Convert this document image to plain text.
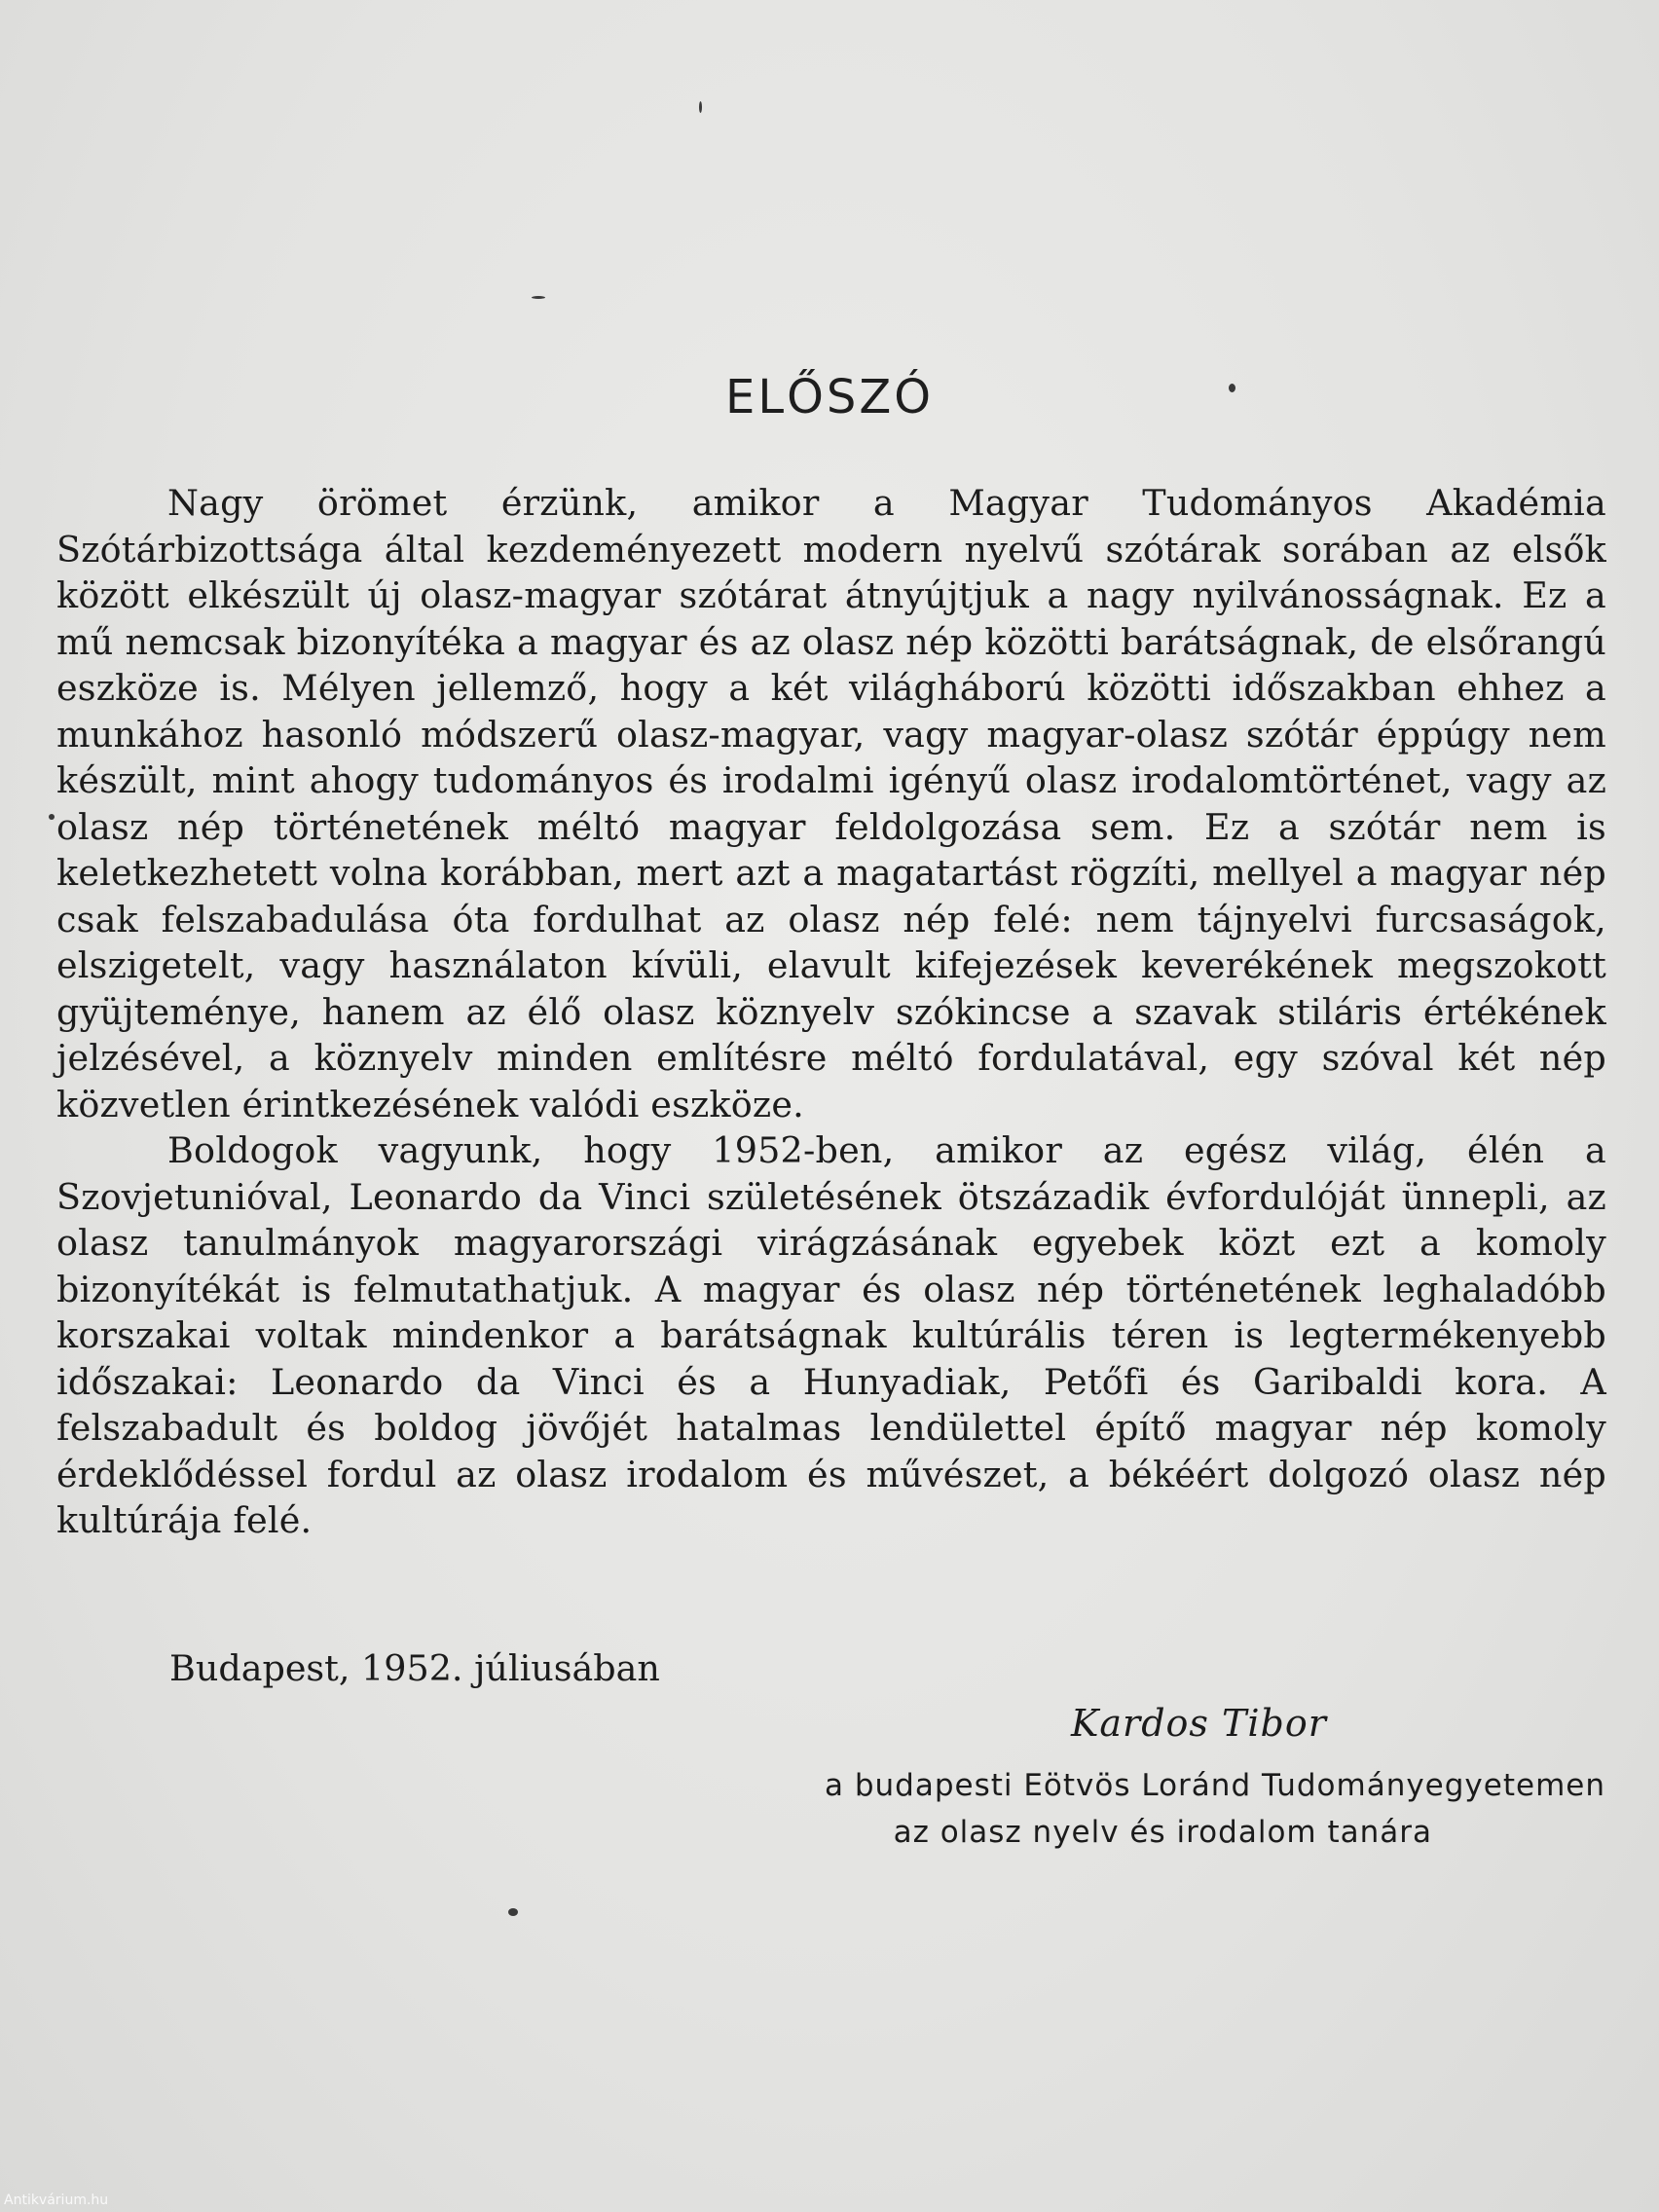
ELŐSZÓ

Nagy örömet érzünk, amikor a Magyar Tudományos Akadémia Szótárbizottsága által kezdeményezett modern nyelvű szótárak sorában az elsők között elkészült új olasz-magyar szótárat átnyújtjuk a nagy nyilvánosságnak. Ez a mű nemcsak bizonyítéka a magyar és az olasz nép közötti barátságnak, de elsőrangú eszköze is. Mélyen jellemző, hogy a két világháború közötti időszakban ehhez a munkához hasonló módszerű olasz-magyar, vagy magyar-olasz szótár éppúgy nem készült, mint ahogy tudományos és irodalmi igényű olasz irodalomtörténet, vagy az olasz nép történetének méltó magyar feldolgozása sem. Ez a szótár nem is keletkezhetett volna korábban, mert azt a magatartást rögzíti, mellyel a magyar nép csak felszabadulása óta fordulhat az olasz nép felé: nem tájnyelvi furcsaságok, elszigetelt, vagy használaton kívüli, elavult kifejezések keverékének megszokott gyüjteménye, hanem az élő olasz köznyelv szókincse a szavak stiláris értékének jelzésével, a köznyelv minden említésre méltó fordulatával, egy szóval két nép közvetlen érintkezésének valódi eszköze.

Boldogok vagyunk, hogy 1952-ben, amikor az egész világ, élén a Szovjetunióval, Leonardo da Vinci születésének ötszázadik évfordulóját ünnepli, az olasz tanulmányok magyarországi virágzásának egyebek közt ezt a komoly bizonyítékát is felmutathatjuk. A magyar és olasz nép történetének leghaladóbb korszakai voltak mindenkor a barátságnak kultúrális téren is legtermékenyebb időszakai: Leonardo da Vinci és a Hunyadiak, Petőfi és Garibaldi kora. A felszabadult és boldog jövőjét hatalmas lendülettel építő magyar nép komoly érdeklődéssel fordul az olasz irodalom és művészet, a békéért dolgozó olasz nép kultúrája felé.

Budapest, 1952. júliusában
Kardos Tibor
a budapesti Eötvös Loránd Tudományegyetemen
az olasz nyelv és irodalom tanára
Antikvárium.hu
